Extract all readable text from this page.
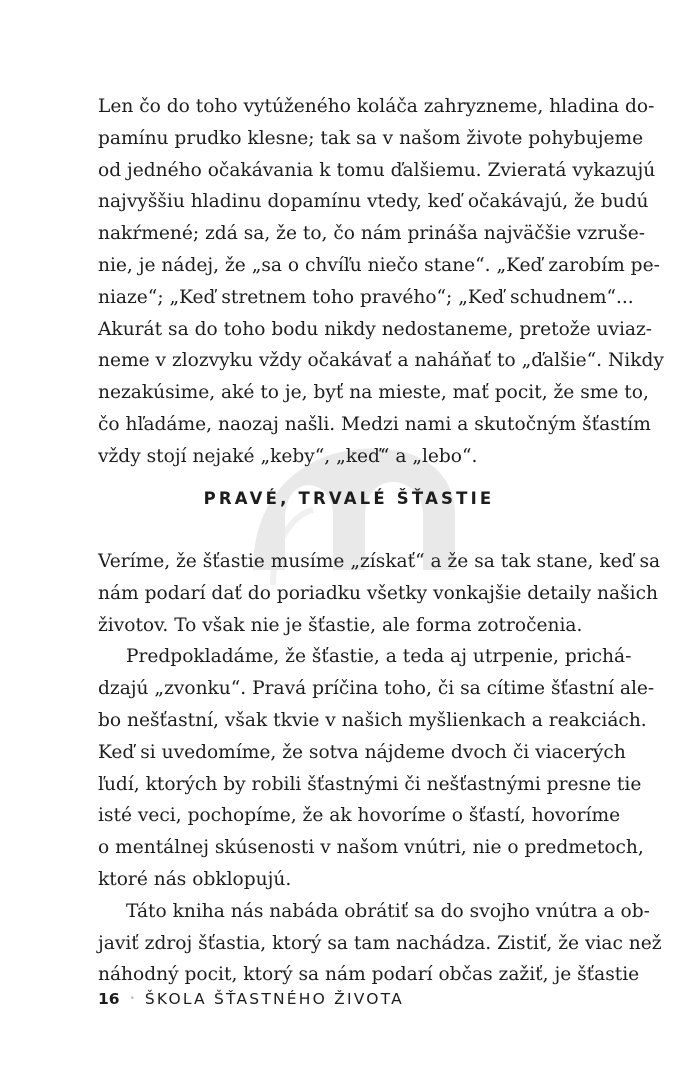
Len čo do toho vytúženého koláča zahryzneme, hladina do-
pamínu prudko klesne; tak sa v našom živote pohybujeme
od jedného očakávania k tomu ďalšiemu. Zvieratá vykazujú
najvyššiu hladinu dopamínu vtedy, keď očakávajú, že budú
nakŕmené; zdá sa, že to, čo nám prináša najväčšie vzruše-
nie, je nádej, že „sa o chvíľu niečo stane“. „Keď zarobím pe-
niaze“; „Keď stretnem toho pravého“; „Keď schudnem“...
Akurát sa do toho bodu nikdy nedostaneme, pretože uviaz-
neme v zlozvyku vždy očakávať a naháňať to „ďalšie“. Nikdy
nezakúsime, aké to je, byť na mieste, mať pocit, že sme to,
čo hľadáme, naozaj našli. Medzi nami a skutočným šťastím
vždy stojí nejaké „keby“, „keď“ a „lebo“.
PRAVÉ, TRVALÉ ŠŤASTIE
Veríme, že šťastie musíme „získať“ a že sa tak stane, keď sa
nám podarí dať do poriadku všetky vonkajšie detaily našich
životov. To však nie je šťastie, ale forma zotročenia.
Predpokladáme, že šťastie, a teda aj utrpenie, prichá-
dzajú „zvonku“. Pravá príčina toho, či sa cítime šťastní ale-
bo nešťastní, však tkvie v našich myšlienkach a reakciách.
Keď si uvedomíme, že sotva nájdeme dvoch či viacerých
ľudí, ktorých by robili šťastnými či nešťastnými presne tie
isté veci, pochopíme, že ak hovoríme o šťastí, hovoríme
o mentálnej skúsenosti v našom vnútri, nie o predmetoch,
ktoré nás obklopujú.
Táto kniha nás nabáda obrátiť sa do svojho vnútra a ob-
javiť zdroj šťastia, ktorý sa tam nachádza. Zistiť, že viac než
náhodný pocit, ktorý sa nám podarí občas zažiť, je šťastie
16 • ŠKOLA ŠŤASTNÉHO ŽIVOTA
